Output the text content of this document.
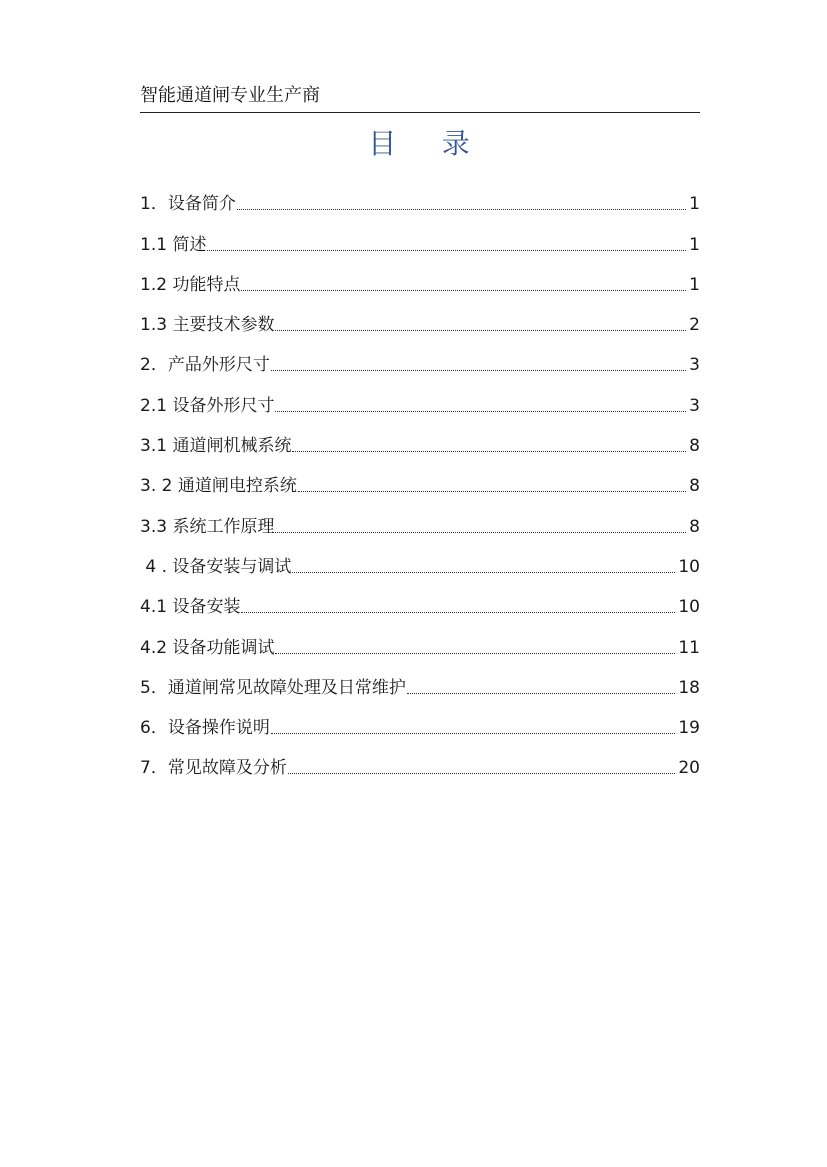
智能通道闸专业生产商
目    录
1．设备简介	1
1.1 简述	1
1.2 功能特点	1
1.3 主要技术参数	2
2．产品外形尺寸	3
2.1 设备外形尺寸	3
3.1 通道闸机械系统	8
3. 2 通道闸电控系统	8
3.3 系统工作原理	8
4 . 设备安装与调试	10
4.1 设备安装	10
4.2 设备功能调试	11
5．通道闸常见故障处理及日常维护	18
6．设备操作说明	19
7．常见故障及分析	20
